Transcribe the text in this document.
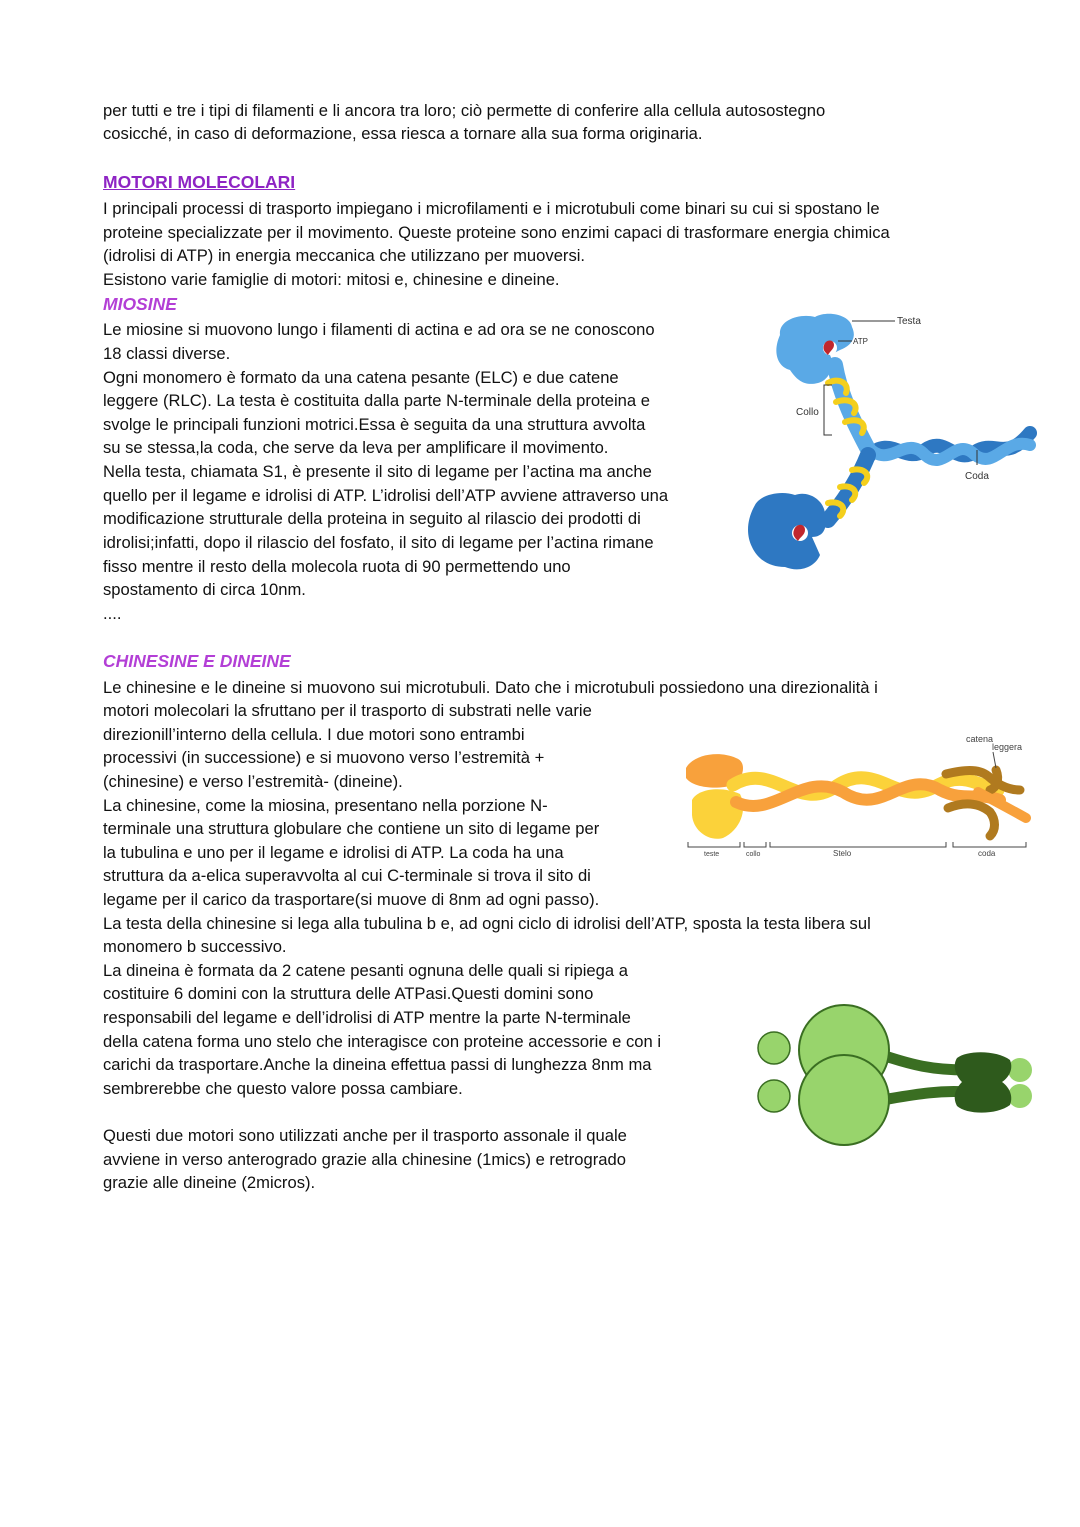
per tutti e tre i tipi di filamenti e li ancora tra loro; ciò permette di conferire alla cellula autosostegno

cosicché, in caso di deformazione, essa riesca a tornare alla sua forma originaria.

MOTORI MOLECOLARI

I principali processi di trasporto impiegano i microfilamenti e i microtubuli come binari su cui si spostano le

proteine specializzate per il movimento. Queste proteine sono enzimi capaci di trasformare energia chimica

(idrolisi di ATP) in energia meccanica che utilizzano per muoversi.

Esistono varie famiglie di motori: mitosi e, chinesine e dineine.

MIOSINE

Le miosine si muovono lungo i filamenti di actina e ad ora se ne conoscono

18 classi diverse.

Ogni monomero è formato da una catena pesante (ELC) e due catene

leggere (RLC). La testa è costituita dalla parte N-terminale della proteina e

svolge le principali funzioni motrici.Essa è seguita da una struttura avvolta

su se stessa,la coda, che serve da leva per amplificare il movimento.

Nella testa, chiamata S1, è presente il sito di legame per l’actina ma anche

quello per il legame e idrolisi di ATP. L’idrolisi dell’ATP avviene attraverso una

modificazione strutturale della proteina in seguito al rilascio dei prodotti di

idrolisi;infatti, dopo il rilascio del fosfato, il sito di legame per l’actina rimane

fisso mentre il resto della molecola ruota di 90 permettendo uno

spostamento di circa 10nm.

....

Testa
ATP
Collo
Coda
CHINESINE E DINEINE

Le chinesine e le dineine si muovono sui microtubuli. Dato che i microtubuli possiedono una direzionalità i

motori molecolari la sfruttano per il trasporto di substrati nelle varie

direzionill’interno della cellula. I due motori sono entrambi

processivi (in successione) e si muovono verso l’estremità +

(chinesine) e verso l’estremità- (dineine).

La chinesine, come la miosina, presentano nella porzione N-

terminale una struttura globulare che contiene un sito di legame per

la tubulina e uno per il legame e idrolisi di ATP. La coda ha una

struttura da a-elica superavvolta al cui C-terminale si trova il sito di

legame per il carico da trasportare(si muove di 8nm ad ogni passo).

La testa della chinesine si lega alla tubulina b e, ad ogni ciclo di idrolisi dell’ATP, sposta la testa libera sul

monomero b successivo.

La dineina è formata da 2 catene pesanti ognuna delle quali si ripiega a

costituire 6 domini con la struttura delle ATPasi.Questi domini sono

responsabili del legame e dell’idrolisi di ATP mentre la parte N-terminale

della catena forma uno stelo che interagisce con proteine accessorie e con i

carichi da trasportare.Anche la dineina effettua passi di lunghezza 8nm ma

sembrerebbe che questo valore possa cambiare.

Questi due motori sono utilizzati anche per il trasporto assonale il quale

avviene in verso anterogrado grazie alla chinesine (1mics) e retrogrado

grazie alle dineine (2micros).

catena
leggera
teste	collo	Stelo	coda
